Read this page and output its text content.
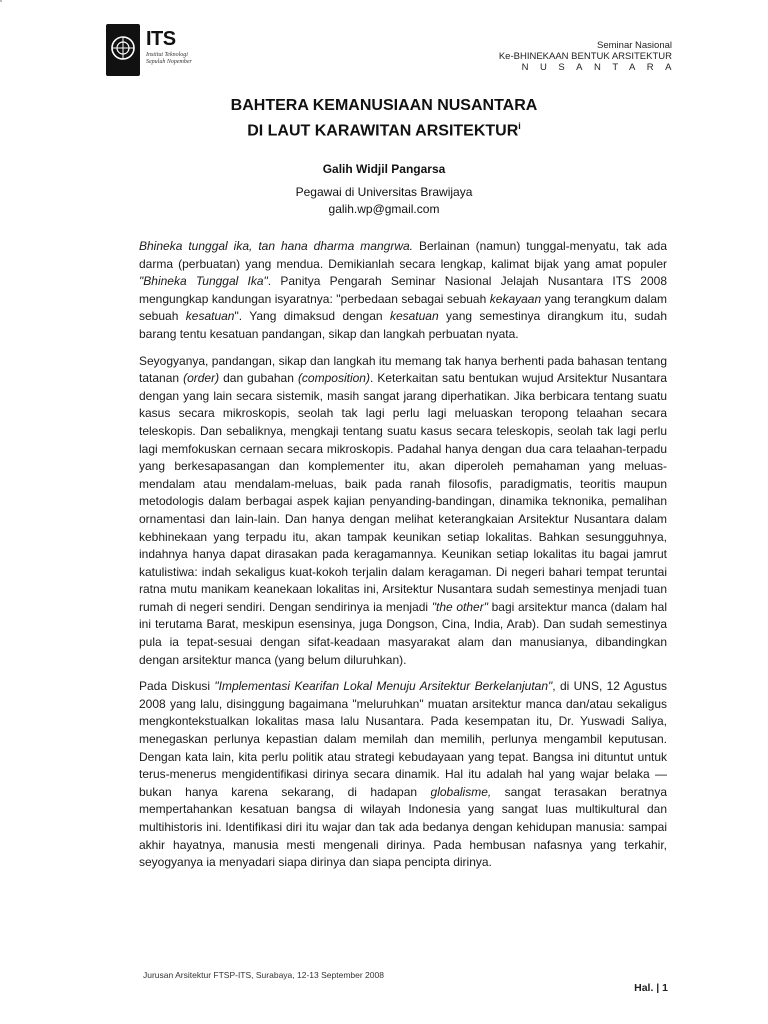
ITS
Institut Teknologi Sepuluh Nopember
Seminar Nasional
Ke-BHINEKAAN BENTUK ARSITEKTUR
NUSANTARA
BAHTERA KEMANUSIAAN NUSANTARA
DI LAUT KARAWITAN ARSITEKTUR$^i$
Galih Widjil Pangarsa
Pegawai di Universitas Brawijaya
galih.wp@gmail.com

Bhineka tunggal ika, tan hana dharma mangrwa. Berlainan (namun) tunggal-menyatu, tak ada darma (perbuatan) yang mendua. Demikianlah secara lengkap, kalimat bijak yang amat populer "Bhineka Tunggal Ika". Panitya Pengarah Seminar Nasional Jelajah Nusantara ITS 2008 mengungkap kandungan isyaratnya: "perbedaan sebagai sebuah kekayaan yang terangkum dalam sebuah kesatuan". Yang dimaksud dengan kesatuan yang semestinya dirangkum itu, sudah barang tentu kesatuan pandangan, sikap dan langkah perbuatan nyata.

Seyogyanya, pandangan, sikap dan langkah itu memang tak hanya berhenti pada bahasan tentang tatanan (order) dan gubahan (composition). Keterkaitan satu bentukan wujud Arsitektur Nusantara dengan yang lain secara sistemik, masih sangat jarang diperhatikan. Jika berbicara tentang suatu kasus secara mikroskopis, seolah tak lagi perlu lagi meluaskan teropong telaahan secara teleskopis. Dan sebaliknya, mengkaji tentang suatu kasus secara teleskopis, seolah tak lagi perlu lagi memfokuskan cernaan secara mikroskopis. Padahal hanya dengan dua cara telaahan-terpadu yang berkesapasangan dan komplementer itu, akan diperoleh pemahaman yang meluas-mendalam atau mendalam-meluas, baik pada ranah filosofis, paradigmatis, teoritis maupun metodologis dalam berbagai aspek kajian penyanding-bandingan, dinamika teknonika, pemalihan ornamentasi dan lain-lain. Dan hanya dengan melihat keterangkaian Arsitektur Nusantara dalam kebhinekaan yang terpadu itu, akan tampak keunikan setiap lokalitas. Bahkan sesungguhnya, indahnya hanya dapat dirasakan pada keragamannya. Keunikan setiap lokalitas itu bagai jamrut katulistiwa: indah sekaligus kuat-kokoh terjalin dalam keragaman. Di negeri bahari tempat teruntai ratna mutu manikam keanekaan lokalitas ini, Arsitektur Nusantara sudah semestinya menjadi tuan rumah di negeri sendiri. Dengan sendirinya ia menjadi "the other" bagi arsitektur manca (dalam hal ini terutama Barat, meskipun esensinya, juga Dongson, Cina, India, Arab). Dan sudah semestinya pula ia tepat-sesuai dengan sifat-keadaan masyarakat alam dan manusianya, dibandingkan dengan arsitektur manca (yang belum diluruhkan).

Pada Diskusi "Implementasi Kearifan Lokal Menuju Arsitektur Berkelanjutan", di UNS, 12 Agustus 2008 yang lalu, disinggung bagaimana "meluruhkan" muatan arsitektur manca dan/atau sekaligus mengkontekstualkan lokalitas masa lalu Nusantara. Pada kesempatan itu, Dr. Yuswadi Saliya, menegaskan perlunya kepastian dalam memilah dan memilih, perlunya mengambil keputusan. Dengan kata lain, kita perlu politik atau strategi kebudayaan yang tepat. Bangsa ini dituntut untuk terus-menerus mengidentifikasi dirinya secara dinamik. Hal itu adalah hal yang wajar belaka —bukan hanya karena sekarang, di hadapan globalisme, sangat terasakan beratnya mempertahankan kesatuan bangsa di wilayah Indonesia yang sangat luas multikultural dan multihistoris ini. Identifikasi diri itu wajar dan tak ada bedanya dengan kehidupan manusia: sampai akhir hayatnya, manusia mesti mengenali dirinya. Pada hembusan nafasnya yang terkahir, seyogyanya ia menyadari siapa dirinya dan siapa pencipta dirinya.

Jurusan Arsitektur FTSP-ITS, Surabaya, 12-13 September 2008
Hal. | 1
